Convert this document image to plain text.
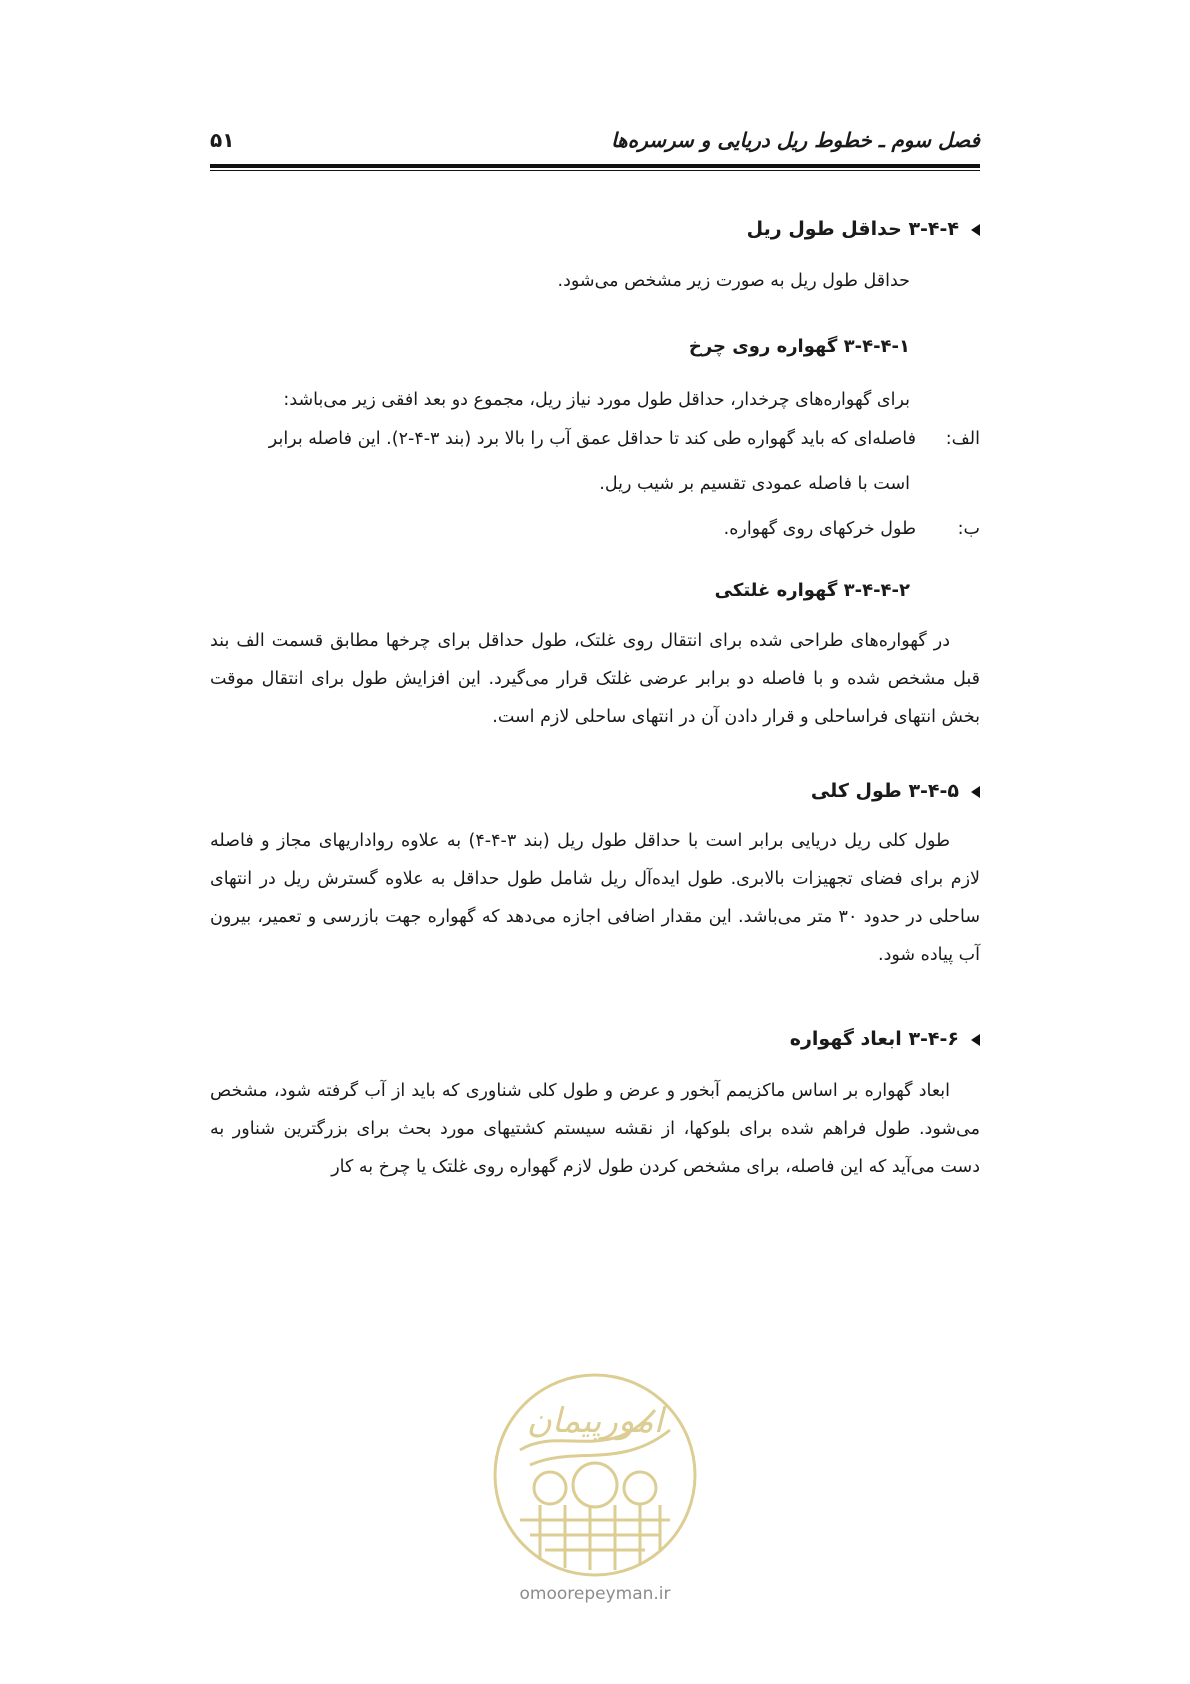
فصل سوم ـ خطوط ریل دریایی و سرسره‌ها
۵۱
۳-۴-۴ حداقل طول ریل
حداقل طول ریل به صورت زیر مشخص می‌شود.
۳-۴-۴-۱ گهواره روی چرخ
برای گهواره‌های چرخدار، حداقل طول مورد نیاز ریل، مجموع دو بعد افقی زیر می‌باشد:
الف:فاصله‌ای که باید گهواره طی کند تا حداقل عمق آب را بالا برد (بند ۳-۴-۲). این فاصله برابر
است با فاصله عمودی تقسیم بر شیب ریل.
ب:طول خرکهای روی گهواره.
۳-۴-۴-۲ گهواره غلتکی
در گهواره‌های طراحی شده برای انتقال روی غلتک، طول حداقل برای چرخها مطابق قسمت الف بند قبل مشخص شده و با فاصله دو برابر عرضی غلتک قرار می‌گیرد. این افزایش طول برای انتقال موقت بخش انتهای فراساحلی و قرار دادن آن در انتهای ساحلی لازم است.
۳-۴-۵ طول کلی
طول کلی ریل دریایی برابر است با حداقل طول ریل (بند ۳-۴-۴) به علاوه رواداریهای مجاز و فاصله لازم برای فضای تجهیزات بالابری. طول ایده‌آل ریل شامل طول حداقل به علاوه گسترش ریل در انتهای ساحلی در حدود ۳۰ متر می‌باشد. این مقدار اضافی اجازه می‌دهد که گهواره جهت بازرسی و تعمیر، بیرون آب پیاده شود.
۳-۴-۶ ابعاد گهواره
ابعاد گهواره بر اساس ماکزیمم آبخور و عرض و طول کلی شناوری که باید از آب گرفته شود، مشخص می‌شود. طول فراهم شده برای بلوکها، از نقشه سیستم کشتیهای مورد بحث برای بزرگترین شناور به دست می‌آید که این فاصله، برای مشخص کردن طول لازم گهواره روی غلتک یا چرخ به کار
امورپیمان
omoorepeyman.ir
